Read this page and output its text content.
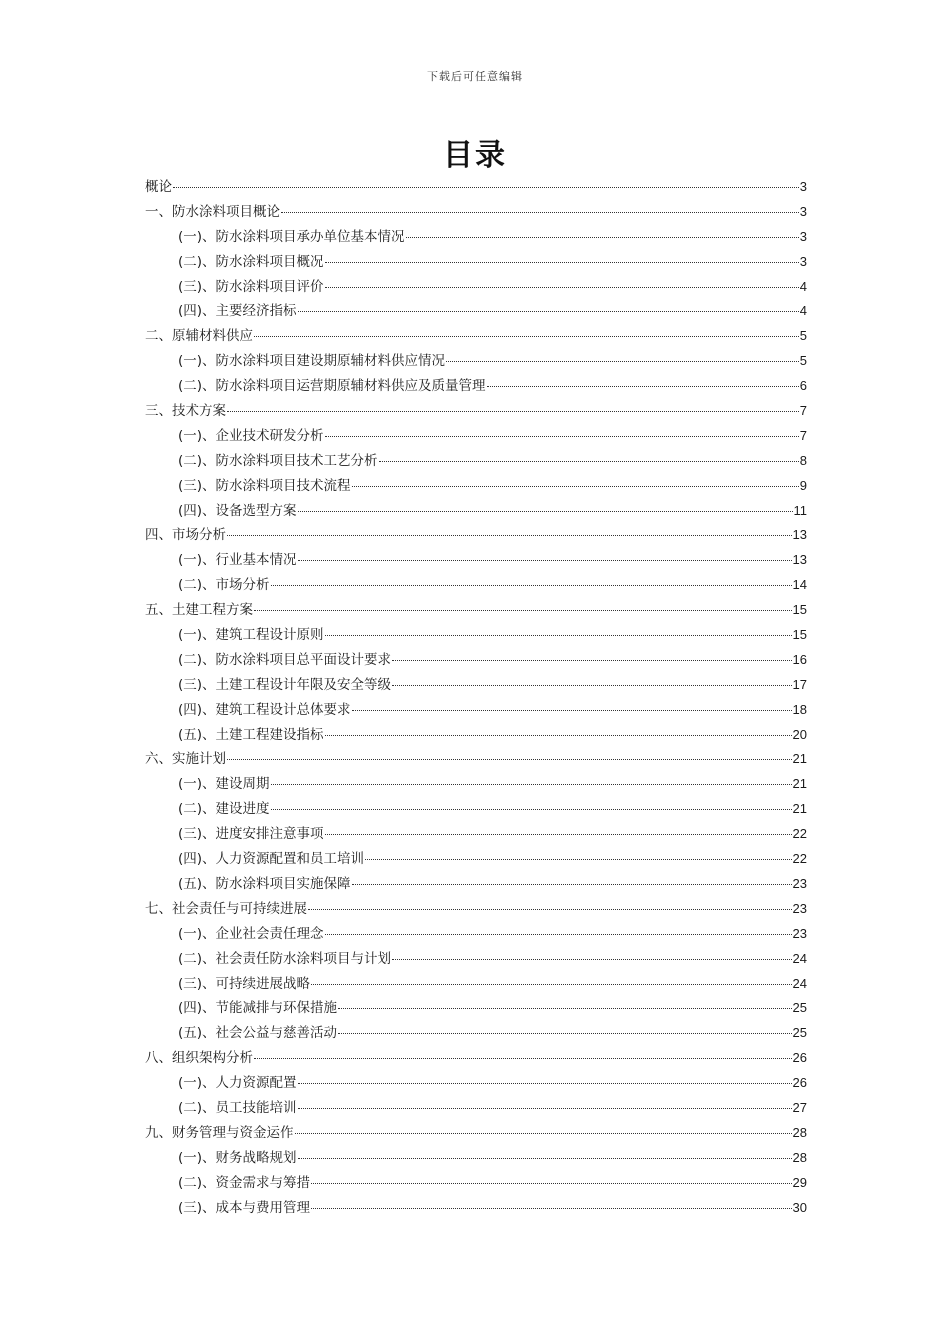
下载后可任意编辑
目录
概论	3
一、防水涂料项目概论	3
(一)、防水涂料项目承办单位基本情况	3
(二)、防水涂料项目概况	3
(三)、防水涂料项目评价	4
(四)、主要经济指标	4
二、原辅材料供应	5
(一)、防水涂料项目建设期原辅材料供应情况	5
(二)、防水涂料项目运营期原辅材料供应及质量管理	6
三、技术方案	7
(一)、企业技术研发分析	7
(二)、防水涂料项目技术工艺分析	8
(三)、防水涂料项目技术流程	9
(四)、设备选型方案	11
四、市场分析	13
(一)、行业基本情况	13
(二)、市场分析	14
五、土建工程方案	15
(一)、建筑工程设计原则	15
(二)、防水涂料项目总平面设计要求	16
(三)、土建工程设计年限及安全等级	17
(四)、建筑工程设计总体要求	18
(五)、土建工程建设指标	20
六、实施计划	21
(一)、建设周期	21
(二)、建设进度	21
(三)、进度安排注意事项	22
(四)、人力资源配置和员工培训	22
(五)、防水涂料项目实施保障	23
七、社会责任与可持续进展	23
(一)、企业社会责任理念	23
(二)、社会责任防水涂料项目与计划	24
(三)、可持续进展战略	24
(四)、节能减排与环保措施	25
(五)、社会公益与慈善活动	25
八、组织架构分析	26
(一)、人力资源配置	26
(二)、员工技能培训	27
九、财务管理与资金运作	28
(一)、财务战略规划	28
(二)、资金需求与筹措	29
(三)、成本与费用管理	30
